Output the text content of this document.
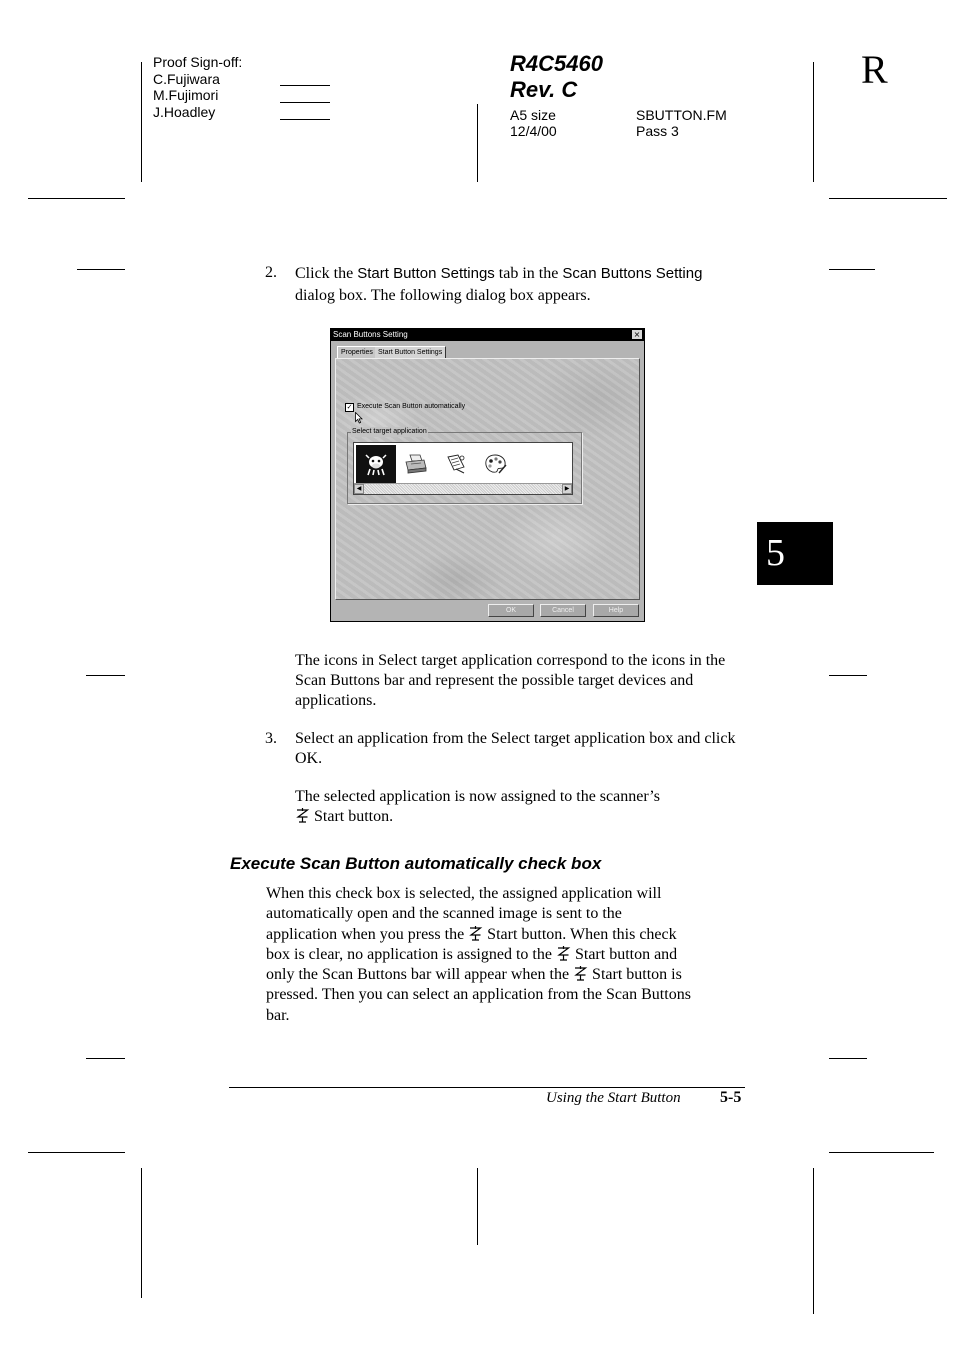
Proof Sign-off:
C.Fujiwara
M.Fujimori
J.Hoadley
R4C5460
Rev. C
A5 size
12/4/00
SBUTTON.FM
Pass 3
R
5
2. Click the Start Button Settings tab in the Scan Buttons Setting dialog box. The following dialog box appears.
Scan Buttons Setting	×
Properties Start Button Settings
✓ Execute Scan Button automatically
Select target application
◀	▶
OK	Cancel	Help
The icons in Select target application correspond to the icons in the Scan Buttons bar and represent the possible target devices and applications.
3. Select an application from the Select target application box and click OK.
The selected application is now assigned to the scanner’s
Start button.
Execute Scan Button automatically check box
When this check box is selected, the assigned application will
automatically open and the scanned image is sent to the
application when you press the Start button. When this check
box is clear, no application is assigned to the Start button and
only the Scan Buttons bar will appear when the Start button is
pressed. Then you can select an application from the Scan Buttons
bar.
Using the Start Button 5-5
